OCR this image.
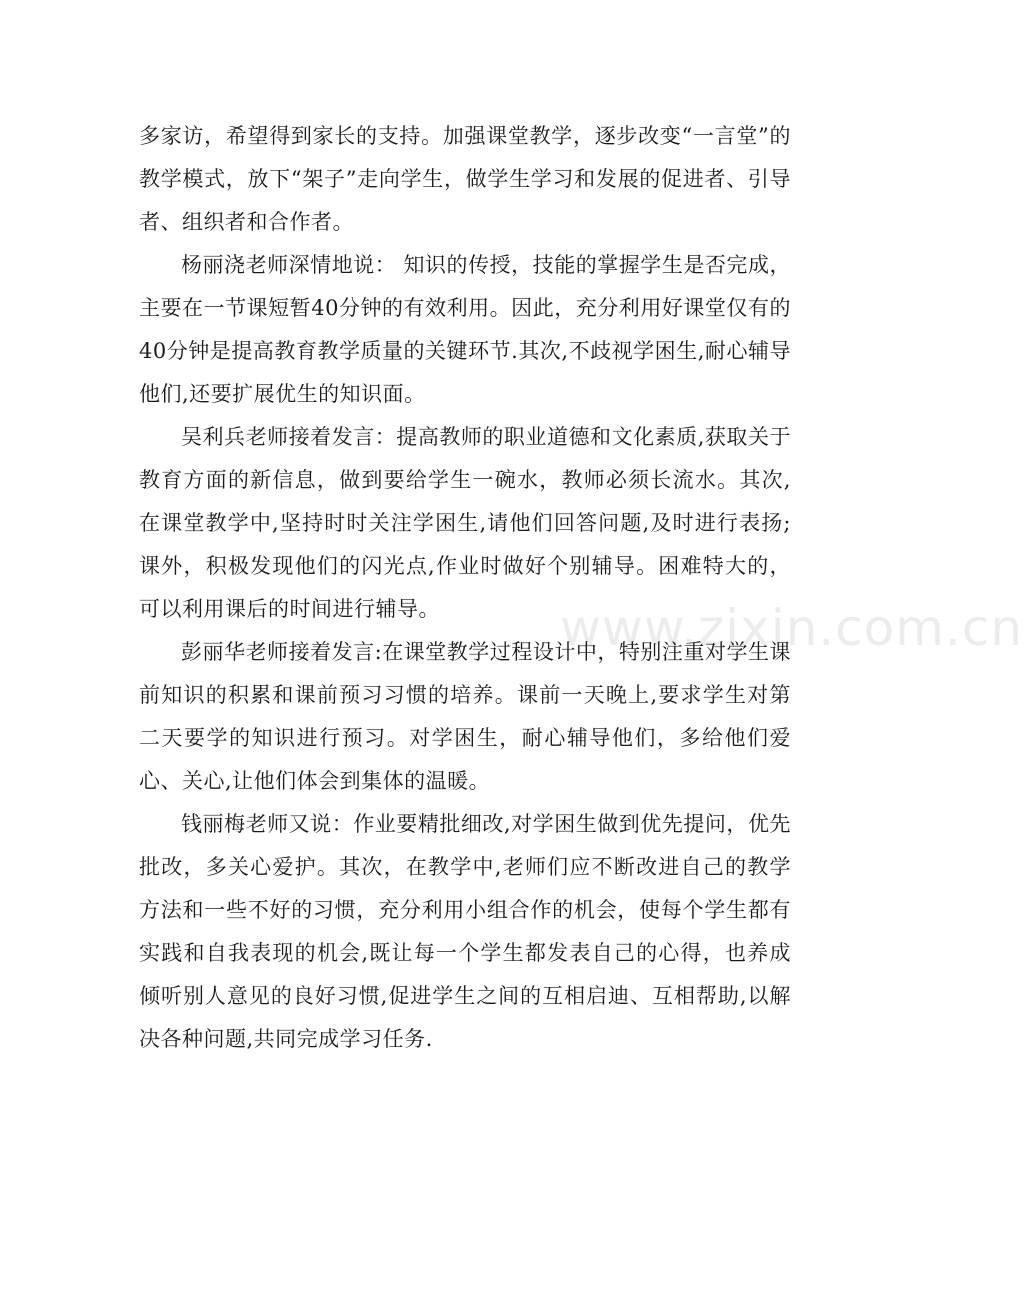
多家访，希望得到家长的支持。加强课堂教学，逐步改变“一言堂”的教学模式，放下“架子”走向学生，做学生学习和发展的促进者、引导者、组织者和合作者。

杨丽浇老师深情地说： 知识的传授，技能的掌握学生是否完成，主要在一节课短暂40分钟的有效利用。因此，充分利用好课堂仅有的40分钟是提高教育教学质量的关键环节.其次,不歧视学困生,耐心辅导他们,还要扩展优生的知识面。

吴利兵老师接着发言：提高教师的职业道德和文化素质,获取关于教育方面的新信息，做到要给学生一碗水，教师必须长流水。其次,在课堂教学中,坚持时时关注学困生,请他们回答问题,及时进行表扬;课外，积极发现他们的闪光点,作业时做好个别辅导。困难特大的，可以利用课后的时间进行辅导。

彭丽华老师接着发言:在课堂教学过程设计中，特别注重对学生课前知识的积累和课前预习习惯的培养。课前一天晚上,要求学生对第二天要学的知识进行预习。对学困生，耐心辅导他们，多给他们爱心、关心,让他们体会到集体的温暖。

钱丽梅老师又说：作业要精批细改,对学困生做到优先提问，优先批改，多关心爱护。其次，在教学中,老师们应不断改进自己的教学方法和一些不好的习惯，充分利用小组合作的机会，使每个学生都有实践和自我表现的机会,既让每一个学生都发表自己的心得，也养成倾听别人意见的良好习惯,促进学生之间的互相启迪、互相帮助,以解决各种问题,共同完成学习任务.

www.zixin.com.cn
